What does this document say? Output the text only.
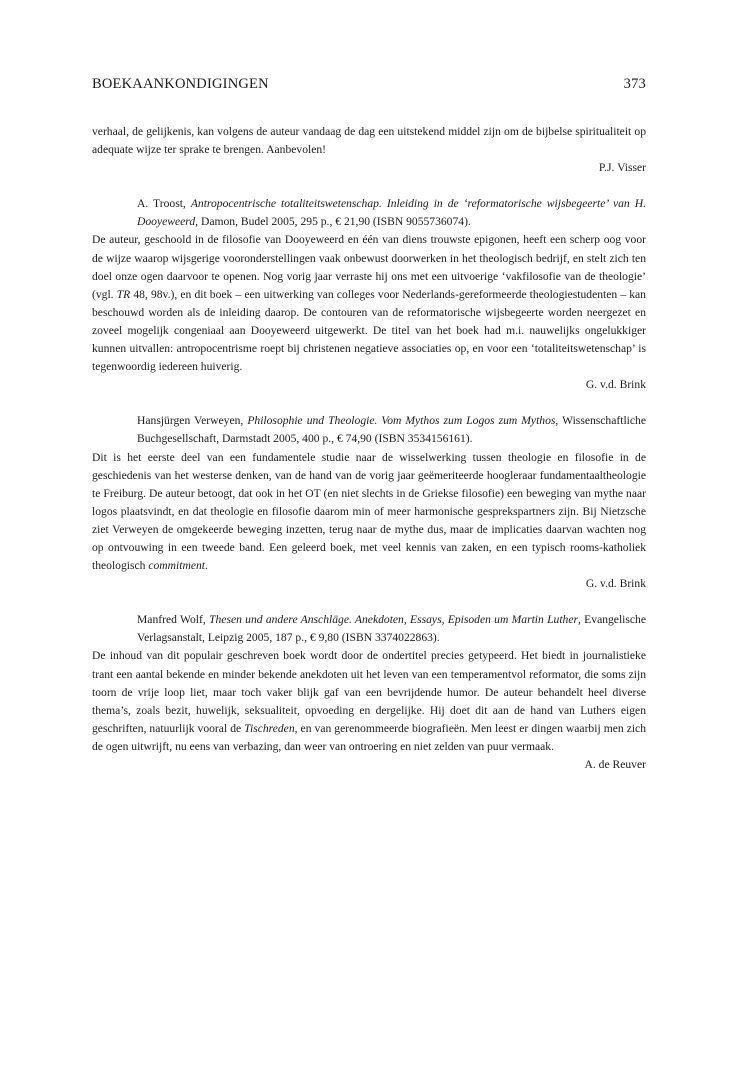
BOEKAANKONDIGINGEN	373

verhaal, de gelijkenis, kan volgens de auteur vandaag de dag een uitstekend middel zijn om de bijbelse spiritualiteit op adequate wijze ter sprake te brengen. Aanbevolen!

P.J. Visser

A. Troost, Antropocentrische totaliteitswetenschap. Inleiding in de ‘reformatorische wijsbegeerte’ van H. Dooyeweerd, Damon, Budel 2005, 295 p., € 21,90 (ISBN 9055736074).

De auteur, geschoold in de filosofie van Dooyeweerd en één van diens trouwste epigonen, heeft een scherp oog voor de wijze waarop wijsgerige vooronderstellingen vaak onbewust doorwerken in het theologisch bedrijf, en stelt zich ten doel onze ogen daarvoor te openen. Nog vorig jaar verraste hij ons met een uitvoerige ‘vakfilosofie van de theologie’ (vgl. TR 48, 98v.), en dit boek – een uitwerking van colleges voor Nederlands-gereformeerde theologiestudenten – kan beschouwd worden als de inleiding daarop. De contouren van de reformatorische wijsbegeerte worden neergezet en zoveel mogelijk congeniaal aan Dooyeweerd uitgewerkt. De titel van het boek had m.i. nauwelijks ongelukkiger kunnen uitvallen: antropocentrisme roept bij christenen negatieve associaties op, en voor een ‘totaliteitswetenschap’ is tegenwoordig iedereen huiverig.

G. v.d. Brink

Hansjürgen Verweyen, Philosophie und Theologie. Vom Mythos zum Logos zum Mythos, Wissenschaftliche Buchgesellschaft, Darmstadt 2005, 400 p., € 74,90 (ISBN 3534156161).

Dit is het eerste deel van een fundamentele studie naar de wisselwerking tussen theologie en filosofie in de geschiedenis van het westerse denken, van de hand van de vorig jaar geëmeriteerde hoogleraar fundamentaaltheologie te Freiburg. De auteur betoogt, dat ook in het OT (en niet slechts in de Griekse filosofie) een beweging van mythe naar logos plaatsvindt, en dat theologie en filosofie daarom min of meer harmonische gesprekspartners zijn. Bij Nietzsche ziet Verweyen de omgekeerde beweging inzetten, terug naar de mythe dus, maar de implicaties daarvan wachten nog op ontvouwing in een tweede band. Een geleerd boek, met veel kennis van zaken, en een typisch rooms-katholiek theologisch commitment.

G. v.d. Brink

Manfred Wolf, Thesen und andere Anschläge. Anekdoten, Essays, Episoden um Martin Luther, Evangelische Verlagsanstalt, Leipzig 2005, 187 p., € 9,80 (ISBN 3374022863).

De inhoud van dit populair geschreven boek wordt door de ondertitel precies getypeerd. Het biedt in journalistieke trant een aantal bekende en minder bekende anekdoten uit het leven van een temperamentvol reformator, die soms zijn toorn de vrije loop liet, maar toch vaker blijk gaf van een bevrijdende humor. De auteur behandelt heel diverse thema’s, zoals bezit, huwelijk, seksualiteit, opvoeding en dergelijke. Hij doet dit aan de hand van Luthers eigen geschriften, natuurlijk vooral de Tischreden, en van gerenommeerde biografieën. Men leest er dingen waarbij men zich de ogen uitwrijft, nu eens van verbazing, dan weer van ontroering en niet zelden van puur vermaak.

A. de Reuver
